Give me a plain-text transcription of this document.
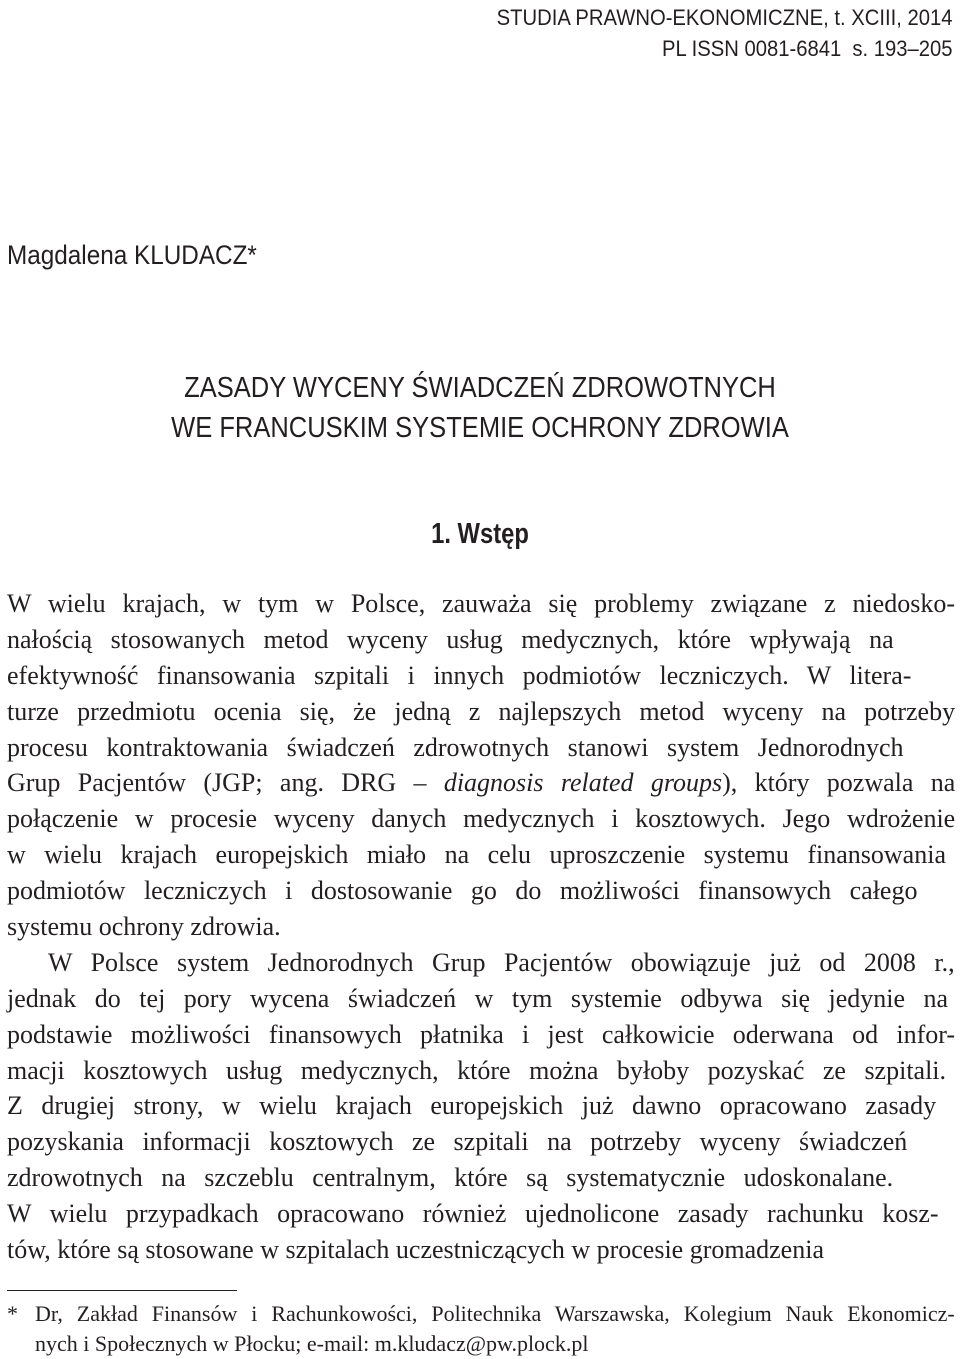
STUDIA PRAWNO-EKONOMICZNE, t. XCIII, 2014
PL ISSN 0081-6841 s. 193–205
Magdalena KLUDACZ*
ZASADY WYCENY ŚWIADCZEŃ ZDROWOTNYCH
WE FRANCUSKIM SYSTEMIE OCHRONY ZDROWIA
1. Wstęp
W wielu krajach, w tym w Polsce, zauważa się problemy związane z niedosko-
nałością stosowanych metod wyceny usług medycznych, które wpływają na
efektywność finansowania szpitali i innych podmiotów leczniczych. W litera-
turze przedmiotu ocenia się, że jedną z najlepszych metod wyceny na potrzeby
procesu kontraktowania świadczeń zdrowotnych stanowi system Jednorodnych
Grup Pacjentów (JGP; ang. DRG – diagnosis related groups), który pozwala na
połączenie w procesie wyceny danych medycznych i kosztowych. Jego wdrożenie
w wielu krajach europejskich miało na celu uproszczenie systemu finansowania
podmiotów leczniczych i dostosowanie go do możliwości finansowych całego
systemu ochrony zdrowia.
W Polsce system Jednorodnych Grup Pacjentów obowiązuje już od 2008 r.,
jednak do tej pory wycena świadczeń w tym systemie odbywa się jedynie na
podstawie możliwości finansowych płatnika i jest całkowicie oderwana od infor-
macji kosztowych usług medycznych, które można byłoby pozyskać ze szpitali.
Z drugiej strony, w wielu krajach europejskich już dawno opracowano zasady
pozyskania informacji kosztowych ze szpitali na potrzeby wyceny świadczeń
zdrowotnych na szczeblu centralnym, które są systematycznie udoskonalane.
W wielu przypadkach opracowano również ujednolicone zasady rachunku kosz-
tów, które są stosowane w szpitalach uczestniczących w procesie gromadzenia
* Dr, Zakład Finansów i Rachunkowości, Politechnika Warszawska, Kolegium Nauk Ekonomicz-
nych i Społecznych w Płocku; e-mail: m.kludacz@pw.plock.pl
